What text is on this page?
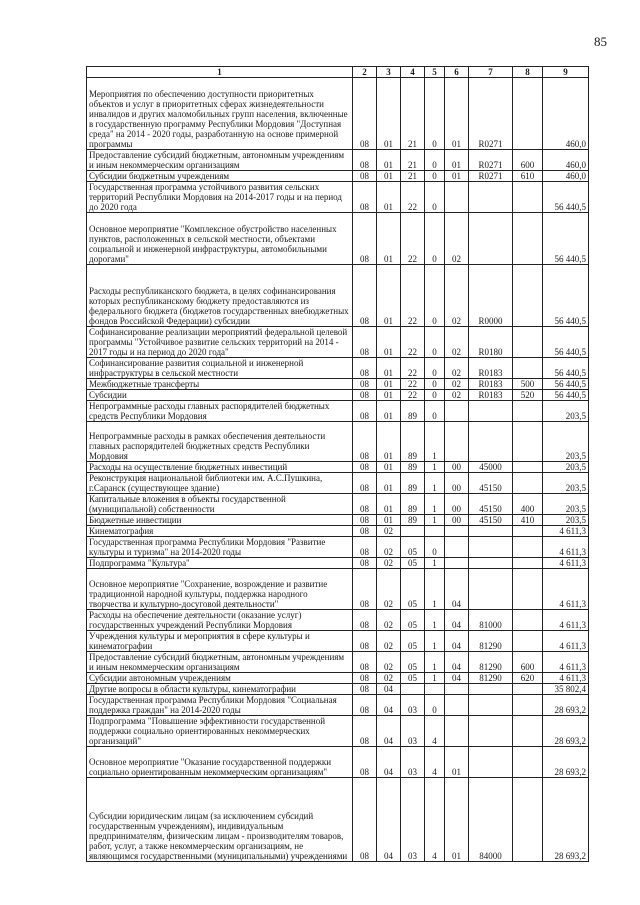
85
1	2	3	4	5	6	7	8	9
Мероприятия по обеспечению доступности приоритетных объектов и услуг в приоритетных сферах жизнедеятельности инвалидов и других маломобильных групп населения, включенные в государственную программу Республики Мордовия "Доступная среда" на 2014 - 2020 годы, разработанную на основе примерной программы	08	01	21	0	01	R0271		460,0
Предоставление субсидий бюджетным, автономным учреждениям и иным некоммерческим организациям	08	01	21	0	01	R0271	600	460,0
Субсидии бюджетным учреждениям	08	01	21	0	01	R0271	610	460,0
Государственная программа устойчивого развития сельских территорий Республики Мордовия на 2014-2017 годы и на период до 2020 года	08	01	22	0				56 440,5
Основное мероприятие "Комплексное обустройство населенных пунктов, расположенных в сельской местности, объектами социальной и инженерной инфраструктуры, автомобильными дорогами"	08	01	22	0	02			56 440,5
Расходы республиканского бюджета, в целях софинансирования которых республиканскому бюджету предоставляются из федерального бюджета (бюджетов государственных внебюджетных фондов Российской Федерации) субсидии	08	01	22	0	02	R0000		56 440,5
Софинансирование реализации мероприятий федеральной целевой программы "Устойчивое развитие сельских территорий на 2014 - 2017 годы и на период до 2020 года"	08	01	22	0	02	R0180		56 440,5
Софинансирование развития социальной и инженерной инфраструктуры в сельской местности	08	01	22	0	02	R0183		56 440,5
Межбюджетные трансферты	08	01	22	0	02	R0183	500	56 440,5
Субсидии	08	01	22	0	02	R0183	520	56 440,5
Непрограммные расходы главных распорядителей бюджетных средств Республики Мордовия	08	01	89	0				203,5
Непрограммные расходы в рамках обеспечения деятельности главных распорядителей бюджетных средств Республики Мордовия	08	01	89	1				203,5
Расходы на осуществление бюджетных инвестиций	08	01	89	1	00	45000		203,5
Реконструкция национальной библиотеки им. А.С.Пушкина, г.Саранск (существующее здание)	08	01	89	1	00	45150		203,5
Капитальные вложения в объекты государственной (муниципальной) собственности	08	01	89	1	00	45150	400	203,5
Бюджетные инвестиции	08	01	89	1	00	45150	410	203,5
Кинематография	08	02						4 611,3
Государственная программа Республики Мордовия "Развитие культуры и туризма" на 2014-2020 годы	08	02	05	0				4 611,3
Подпрограмма "Культура"	08	02	05	1				4 611,3
Основное мероприятие "Сохранение, возрождение и развитие традиционной народной культуры, поддержка народного творчества и культурно-досуговой деятельности"	08	02	05	1	04			4 611,3
Расходы на обеспечение деятельности (оказание услуг) государственных учреждений Республики Мордовия	08	02	05	1	04	81000		4 611,3
Учреждения культуры и мероприятия в сфере культуры и кинематографии	08	02	05	1	04	81290		4 611,3
Предоставление субсидий бюджетным, автономным учреждениям и иным некоммерческим организациям	08	02	05	1	04	81290	600	4 611,3
Субсидии автономным учреждениям	08	02	05	1	04	81290	620	4 611,3
Другие вопросы в области культуры, кинематографии	08	04						35 802,4
Государственная программа Республики Мордовия "Социальная поддержка граждан" на 2014-2020 годы	08	04	03	0				28 693,2
Подпрограмма "Повышение эффективности государственной поддержки социально ориентированных некоммерческих организаций"	08	04	03	4				28 693,2
Основное мероприятие "Оказание государственной поддержки социально ориентированным некоммерческим организациям"	08	04	03	4	01			28 693,2
Субсидии юридическим лицам (за исключением субсидий государственным учреждениям), индивидуальным предпринимателям, физическим лицам - производителям товаров, работ, услуг, а также некоммерческим организациям, не являющимся государственными (муниципальными) учреждениями	08	04	03	4	01	84000		28 693,2
